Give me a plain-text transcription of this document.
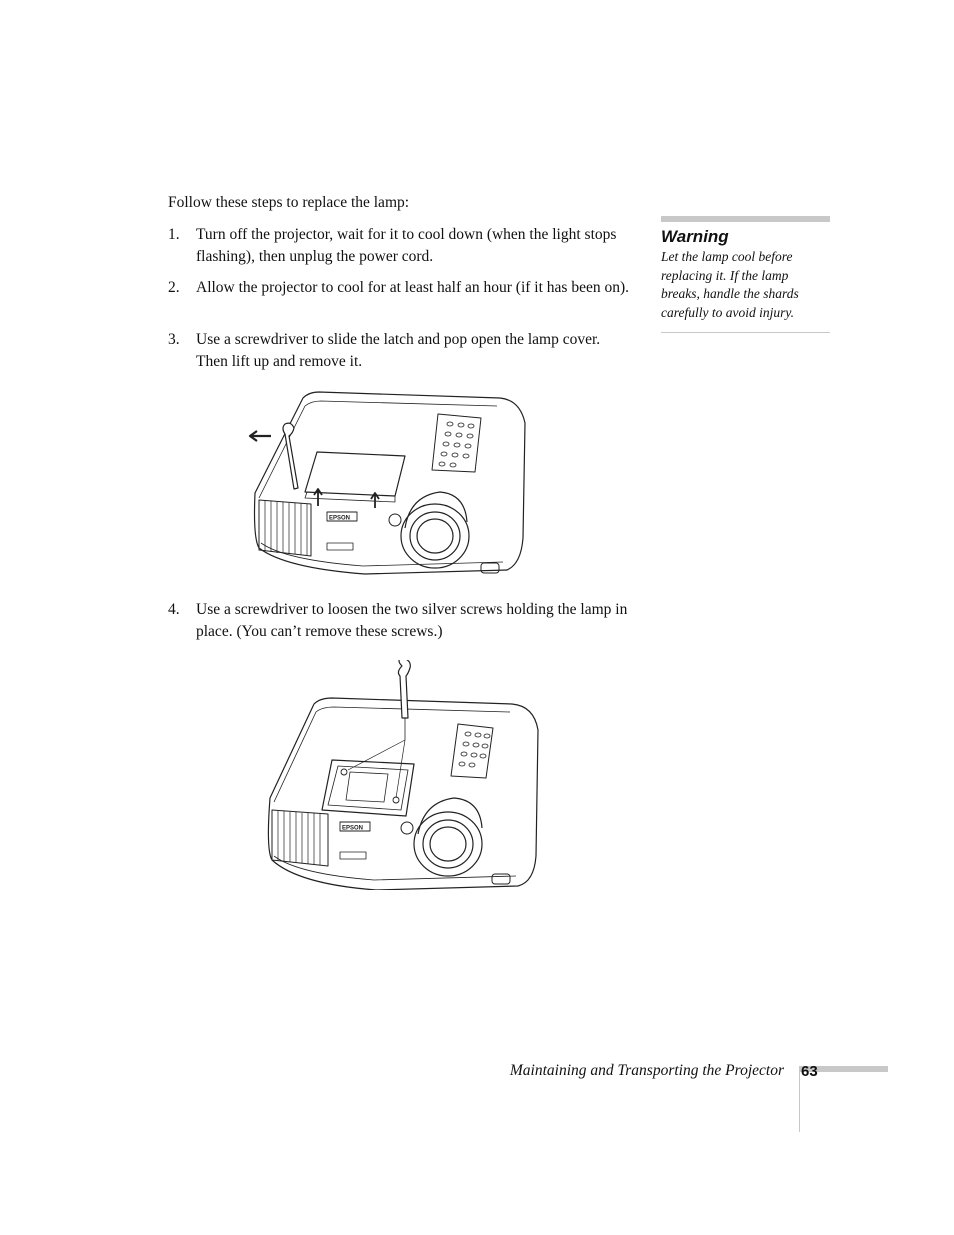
Follow these steps to replace the lamp:

1. Turn off the projector, wait for it to cool down (when the light stops flashing), then unplug the power cord.
2. Allow the projector to cool for at least half an hour (if it has been on).
3. Use a screwdriver to slide the latch and pop open the lamp cover. Then lift up and remove it.
4. Use a screwdriver to loosen the two silver screws holding the lamp in place. (You can’t remove these screws.)
Warning
Let the lamp cool before replacing it. If the lamp breaks, handle the shards carefully to avoid injury.
EPSON
EPSON
Maintaining and Transporting the Projector 63
